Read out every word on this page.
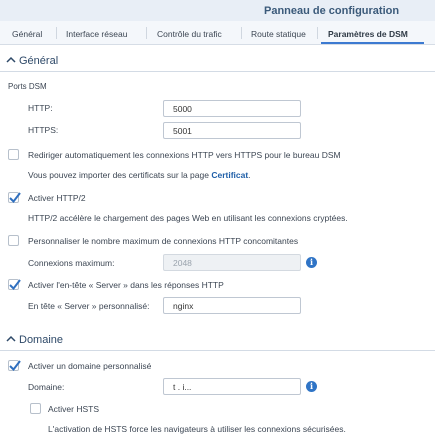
Panneau de configuration
Général	Interface réseau	Contrôle du trafic	Route statique	Paramètres de DSM
Général
Ports DSM
HTTP:	5000
HTTPS:	5001
Rediriger automatiquement les connexions HTTP vers HTTPS pour le bureau DSM
Vous pouvez importer des certificats sur la page Certificat.
Activer HTTP/2
HTTP/2 accélère le chargement des pages Web en utilisant les connexions cryptées.
Personnaliser le nombre maximum de connexions HTTP concomitantes
Connexions maximum:	2048	i
Activer l'en-tête « Server » dans les réponses HTTP
En tête « Server » personnalisé:	nginx
Domaine
Activer un domaine personnalisé
Domaine:	t . i...	i
Activer HSTS
L'activation de HSTS force les navigateurs à utiliser les connexions sécurisées.
